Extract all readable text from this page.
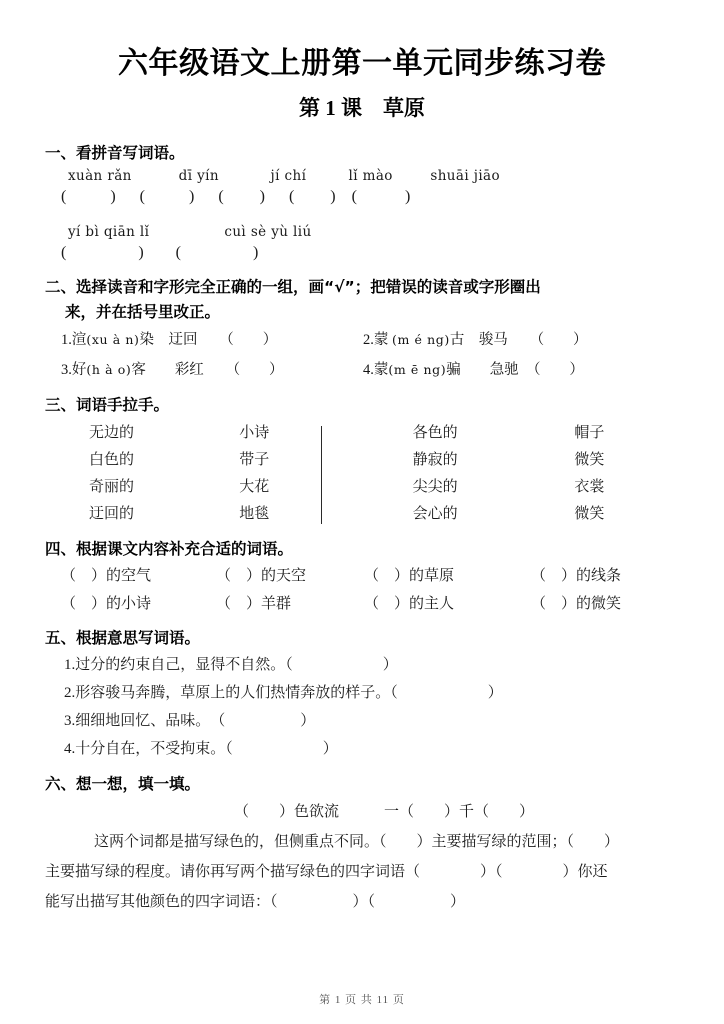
六年级语文上册第一单元同步练习卷
第 1 课　草原
一、看拼音写词语。
xuàn rǎn          dī yín           jí chí         lǐ mào        shuāi jiāo
(           )      (           )      (         )      (         )    (            )
yí bì qiān lǐ                cuì sè yù liú
(                  )        (                  )
二、选择读音和字形完全正确的一组，画“√”；把错误的读音或字形圈出
来，并在括号里改正。
1.渲(xu à n)染　 迂回　　 （　　）	2.蒙 (m é ng)古　 骏马　　 （　　）
3.好(h à o)客　　 彩红　　 （　　）	4.蒙(m ē ng)骗　　 急驰　 （　　）
三、词语手拉手。
无边的	小诗	各色的	帽子
白色的	带子	静寂的	微笑
奇丽的	大花	尖尖的	衣裳
迂回的	地毯	会心的	微笑
四、根据课文内容补充合适的词语。
（　）的空气	（　）的天空	（　）的草原	（　）的线条
（　）的小诗	（　）羊群	（　）的主人	（　）的微笑
五、根据意思写词语。
1.过分的约束自己，显得不自然。（　　　　　　）
2.形容骏马奔腾，草原上的人们热情奔放的样子。（　　　　　　）
3.细细地回忆、品味。　（　　　　　）
4.十分自在，不受拘束。（　　　　　　）
六、想一想，填一填。
（　　）色欲流　　　一（　　）千（　　）
这两个词都是描写绿色的，但侧重点不同。（　　）主要描写绿的范围；（　　）
主要描写绿的程度。请你再写两个描写绿色的四字词语（　　　　）（　　　　）你还
能写出描写其他颜色的四字词语：（　　　　　）（　　　　　）
第 1 页 共 11 页
